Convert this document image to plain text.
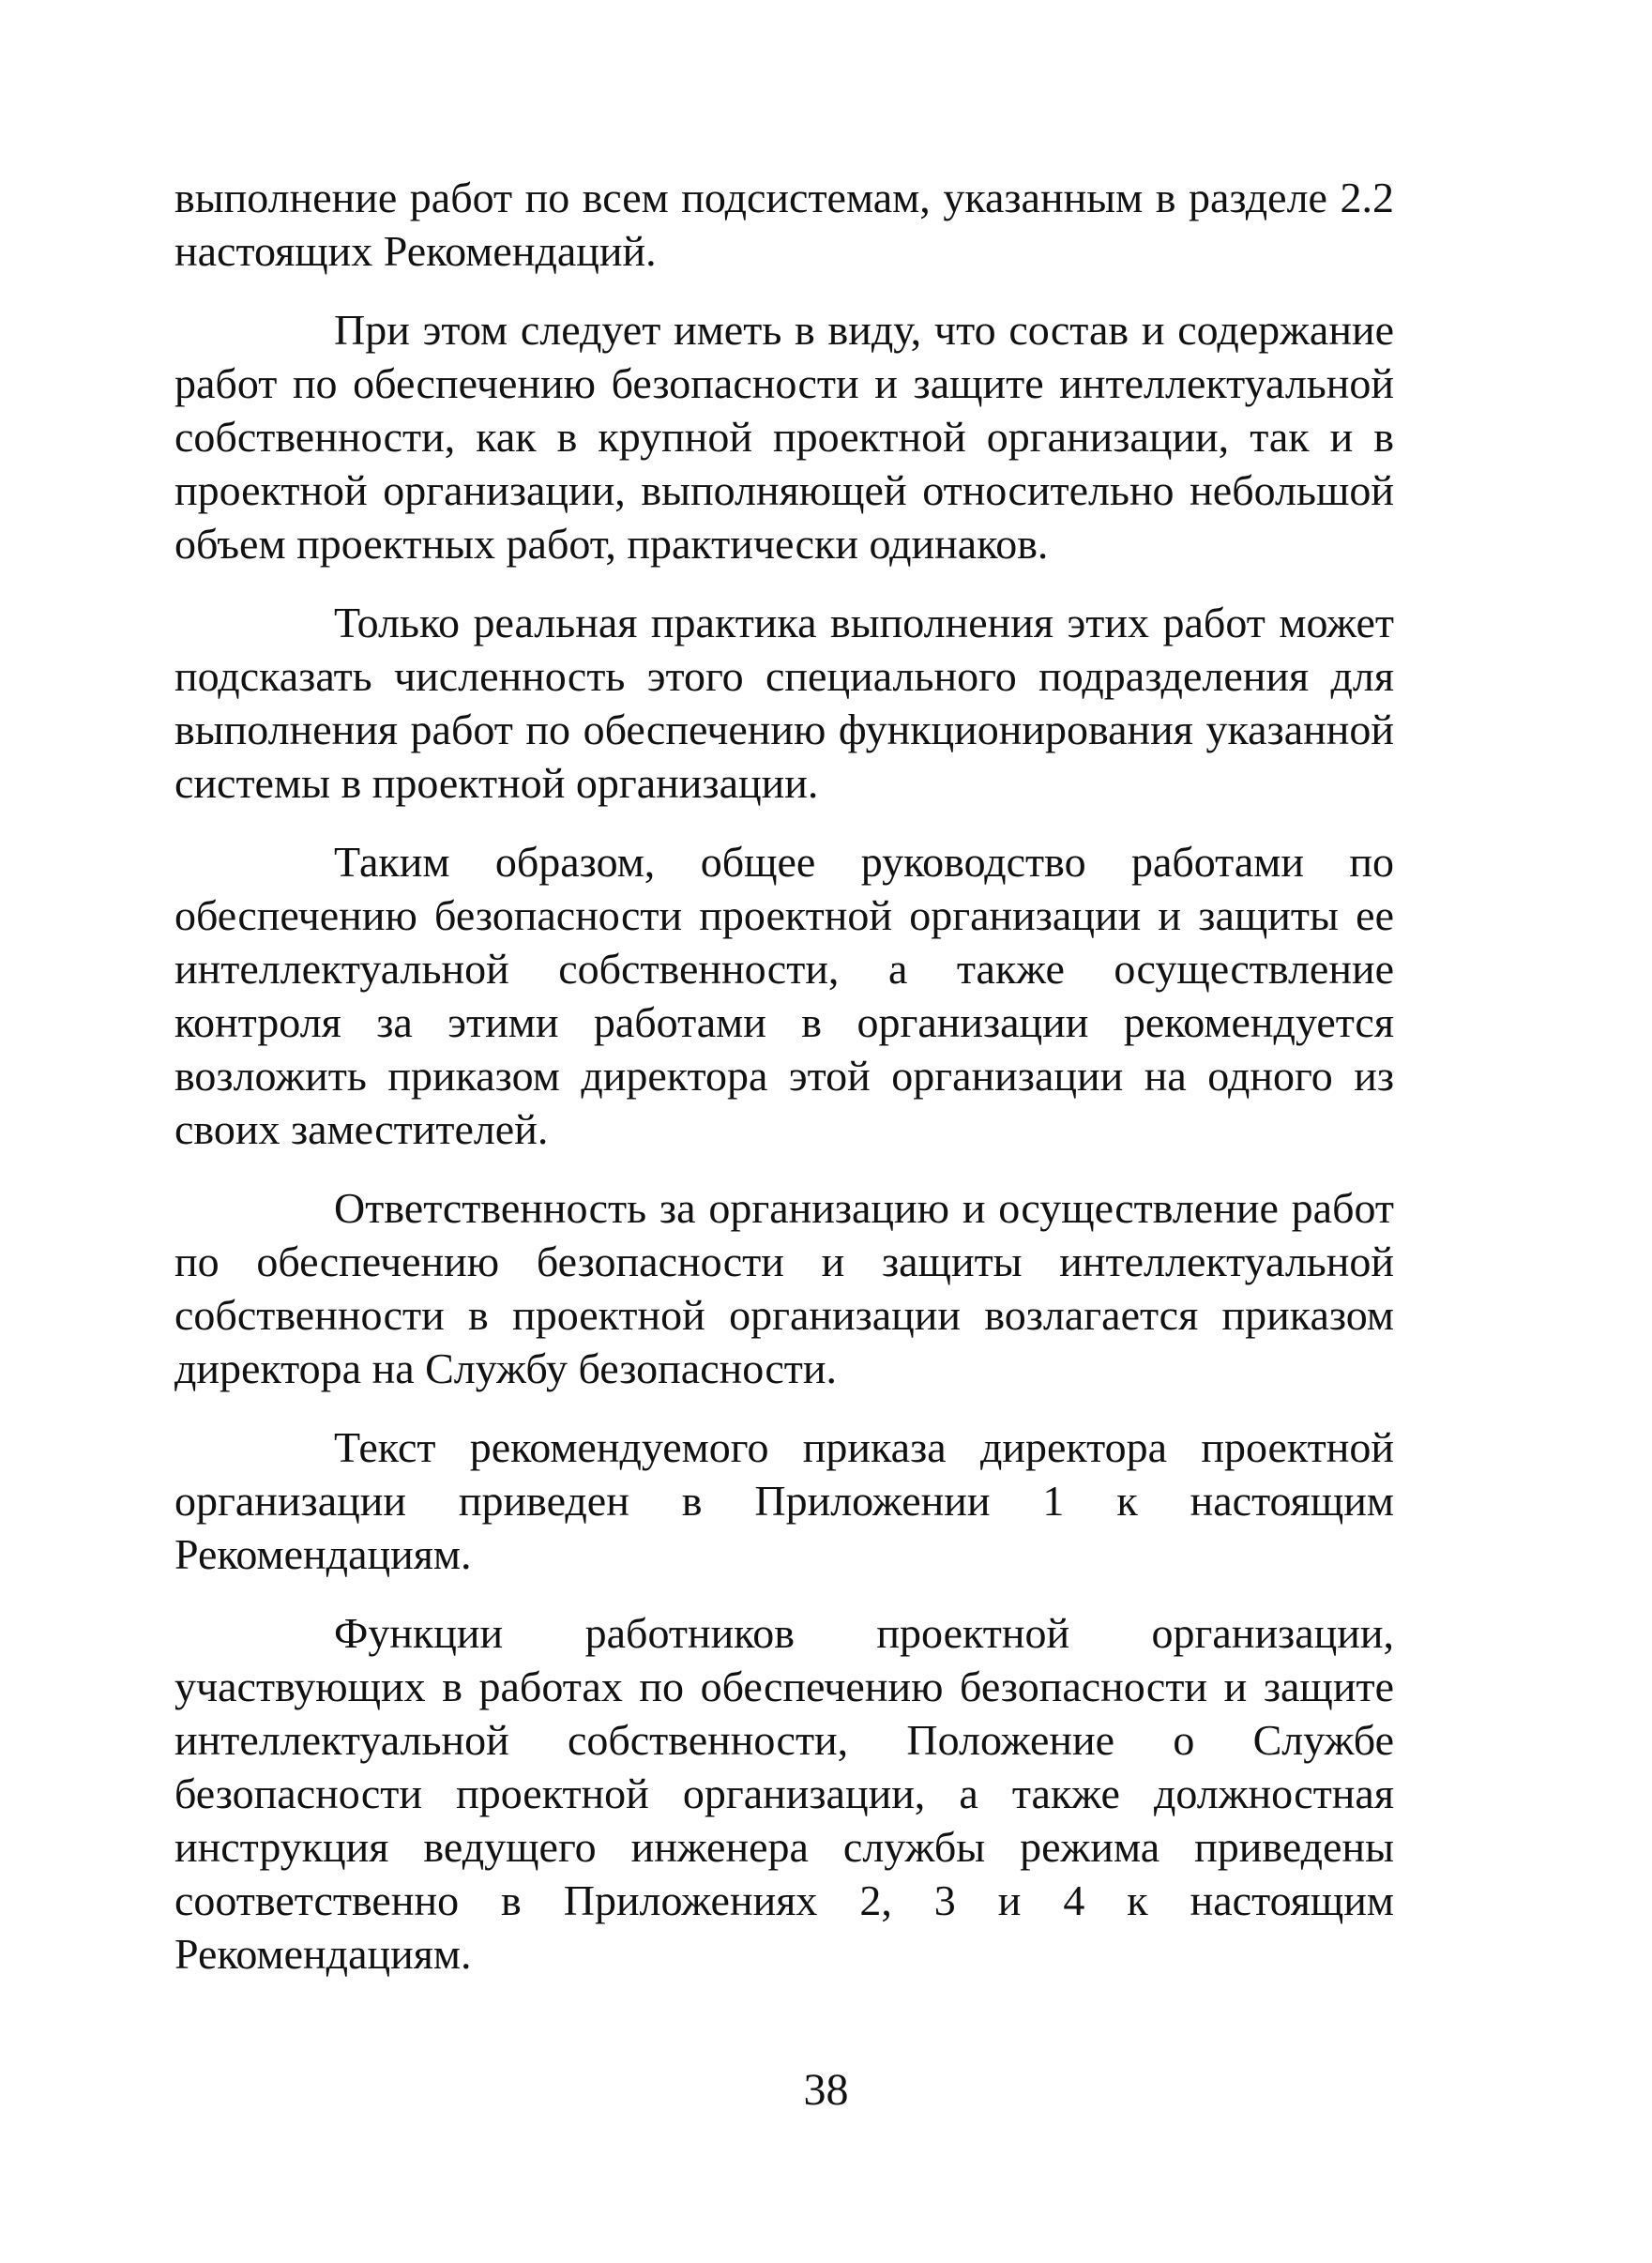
выполнение работ по всем подсистемам, указанным в разделе 2.2 настоящих Рекомендаций.

При этом следует иметь в виду, что состав и содержание работ по обеспечению безопасности и защите интеллектуальной собственности, как в крупной проектной организации, так и в проектной организации, выполняющей относительно небольшой объем проектных работ, практически одинаков.

Только реальная практика выполнения этих работ может подсказать численность этого специального подразделения для выполнения работ по обеспечению функционирования указанной системы в проектной организации.

Таким образом, общее руководство работами по обеспечению безопасности проектной организации и защиты ее интеллектуальной собственности, а также осуществление контроля за этими работами в организации рекомендуется возложить приказом директора этой организации на одного из своих заместителей.

Ответственность за организацию и осуществление работ по обеспечению безопасности и защиты интеллектуальной собственности в проектной организации возлагается приказом директора на Службу безопасности.

Текст рекомендуемого приказа директора проектной организации приведен в Приложении 1 к настоящим Рекомендациям.

Функции работников проектной организации, участвующих в работах по обеспечению безопасности и защите интеллектуальной собственности, Положение о Службе безопасности проектной организации, а также должностная инструкция ведущего инженера службы режима приведены соответственно в Приложениях 2, 3 и 4 к настоящим Рекомендациям.

38
